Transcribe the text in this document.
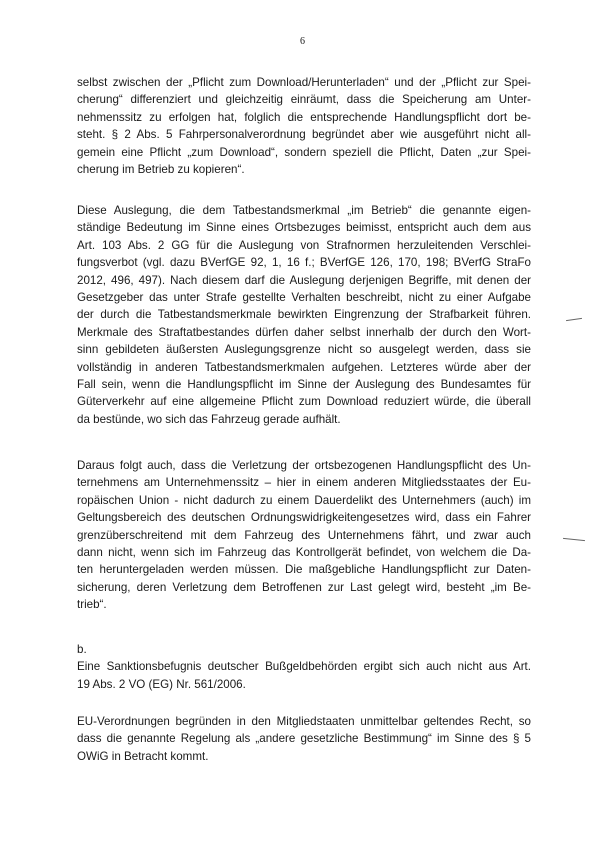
6
selbst zwischen der „Pflicht zum Download/Herunterladen“ und der „Pflicht zur Spei-
cherung“ differenziert und gleichzeitig einräumt, dass die Speicherung am Unter-
nehmenssitz zu erfolgen hat, folglich die entsprechende Handlungspflicht dort be-
steht. § 2 Abs. 5 Fahrpersonalverordnung begründet aber wie ausgeführt nicht all-
gemein eine Pflicht „zum Download“, sondern speziell die Pflicht, Daten „zur Spei-
cherung im Betrieb zu kopieren“.
Diese Auslegung, die dem Tatbestandsmerkmal „im Betrieb“ die genannte eigen-
ständige Bedeutung im Sinne eines Ortsbezuges beimisst, entspricht auch dem aus
Art. 103 Abs. 2 GG für die Auslegung von Strafnormen herzuleitenden Verschlei-
fungsverbot (vgl. dazu BVerfGE 92, 1, 16 f.; BVerfGE 126, 170, 198; BVerfG StraFo
2012, 496, 497). Nach diesem darf die Auslegung derjenigen Begriffe, mit denen der
Gesetzgeber das unter Strafe gestellte Verhalten beschreibt, nicht zu einer Aufgabe
der durch die Tatbestandsmerkmale bewirkten Eingrenzung der Strafbarkeit führen.
Merkmale des Straftatbestandes dürfen daher selbst innerhalb der durch den Wort-
sinn gebildeten äußersten Auslegungsgrenze nicht so ausgelegt werden, dass sie
vollständig in anderen Tatbestandsmerkmalen aufgehen. Letzteres würde aber der
Fall sein, wenn die Handlungspflicht im Sinne der Auslegung des Bundesamtes für
Güterverkehr auf eine allgemeine Pflicht zum Download reduziert würde, die überall
da bestünde, wo sich das Fahrzeug gerade aufhält.
Daraus folgt auch, dass die Verletzung der ortsbezogenen Handlungspflicht des Un-
ternehmens am Unternehmenssitz – hier in einem anderen Mitgliedsstaates der Eu-
ropäischen Union - nicht dadurch zu einem Dauerdelikt des Unternehmers (auch) im
Geltungsbereich des deutschen Ordnungswidrigkeitengesetzes wird, dass ein Fahrer
grenzüberschreitend mit dem Fahrzeug des Unternehmens fährt, und zwar auch
dann nicht, wenn sich im Fahrzeug das Kontrollgerät befindet, von welchem die Da-
ten heruntergeladen werden müssen. Die maßgebliche Handlungspflicht zur Daten-
sicherung, deren Verletzung dem Betroffenen zur Last gelegt wird, besteht „im Be-
trieb“.
b.
Eine Sanktionsbefugnis deutscher Bußgeldbehörden ergibt sich auch nicht aus Art.
19 Abs. 2 VO (EG) Nr. 561/2006.
EU-Verordnungen begründen in den Mitgliedstaaten unmittelbar geltendes Recht, so
dass die genannte Regelung als „andere gesetzliche Bestimmung“ im Sinne des § 5
OWiG in Betracht kommt.
